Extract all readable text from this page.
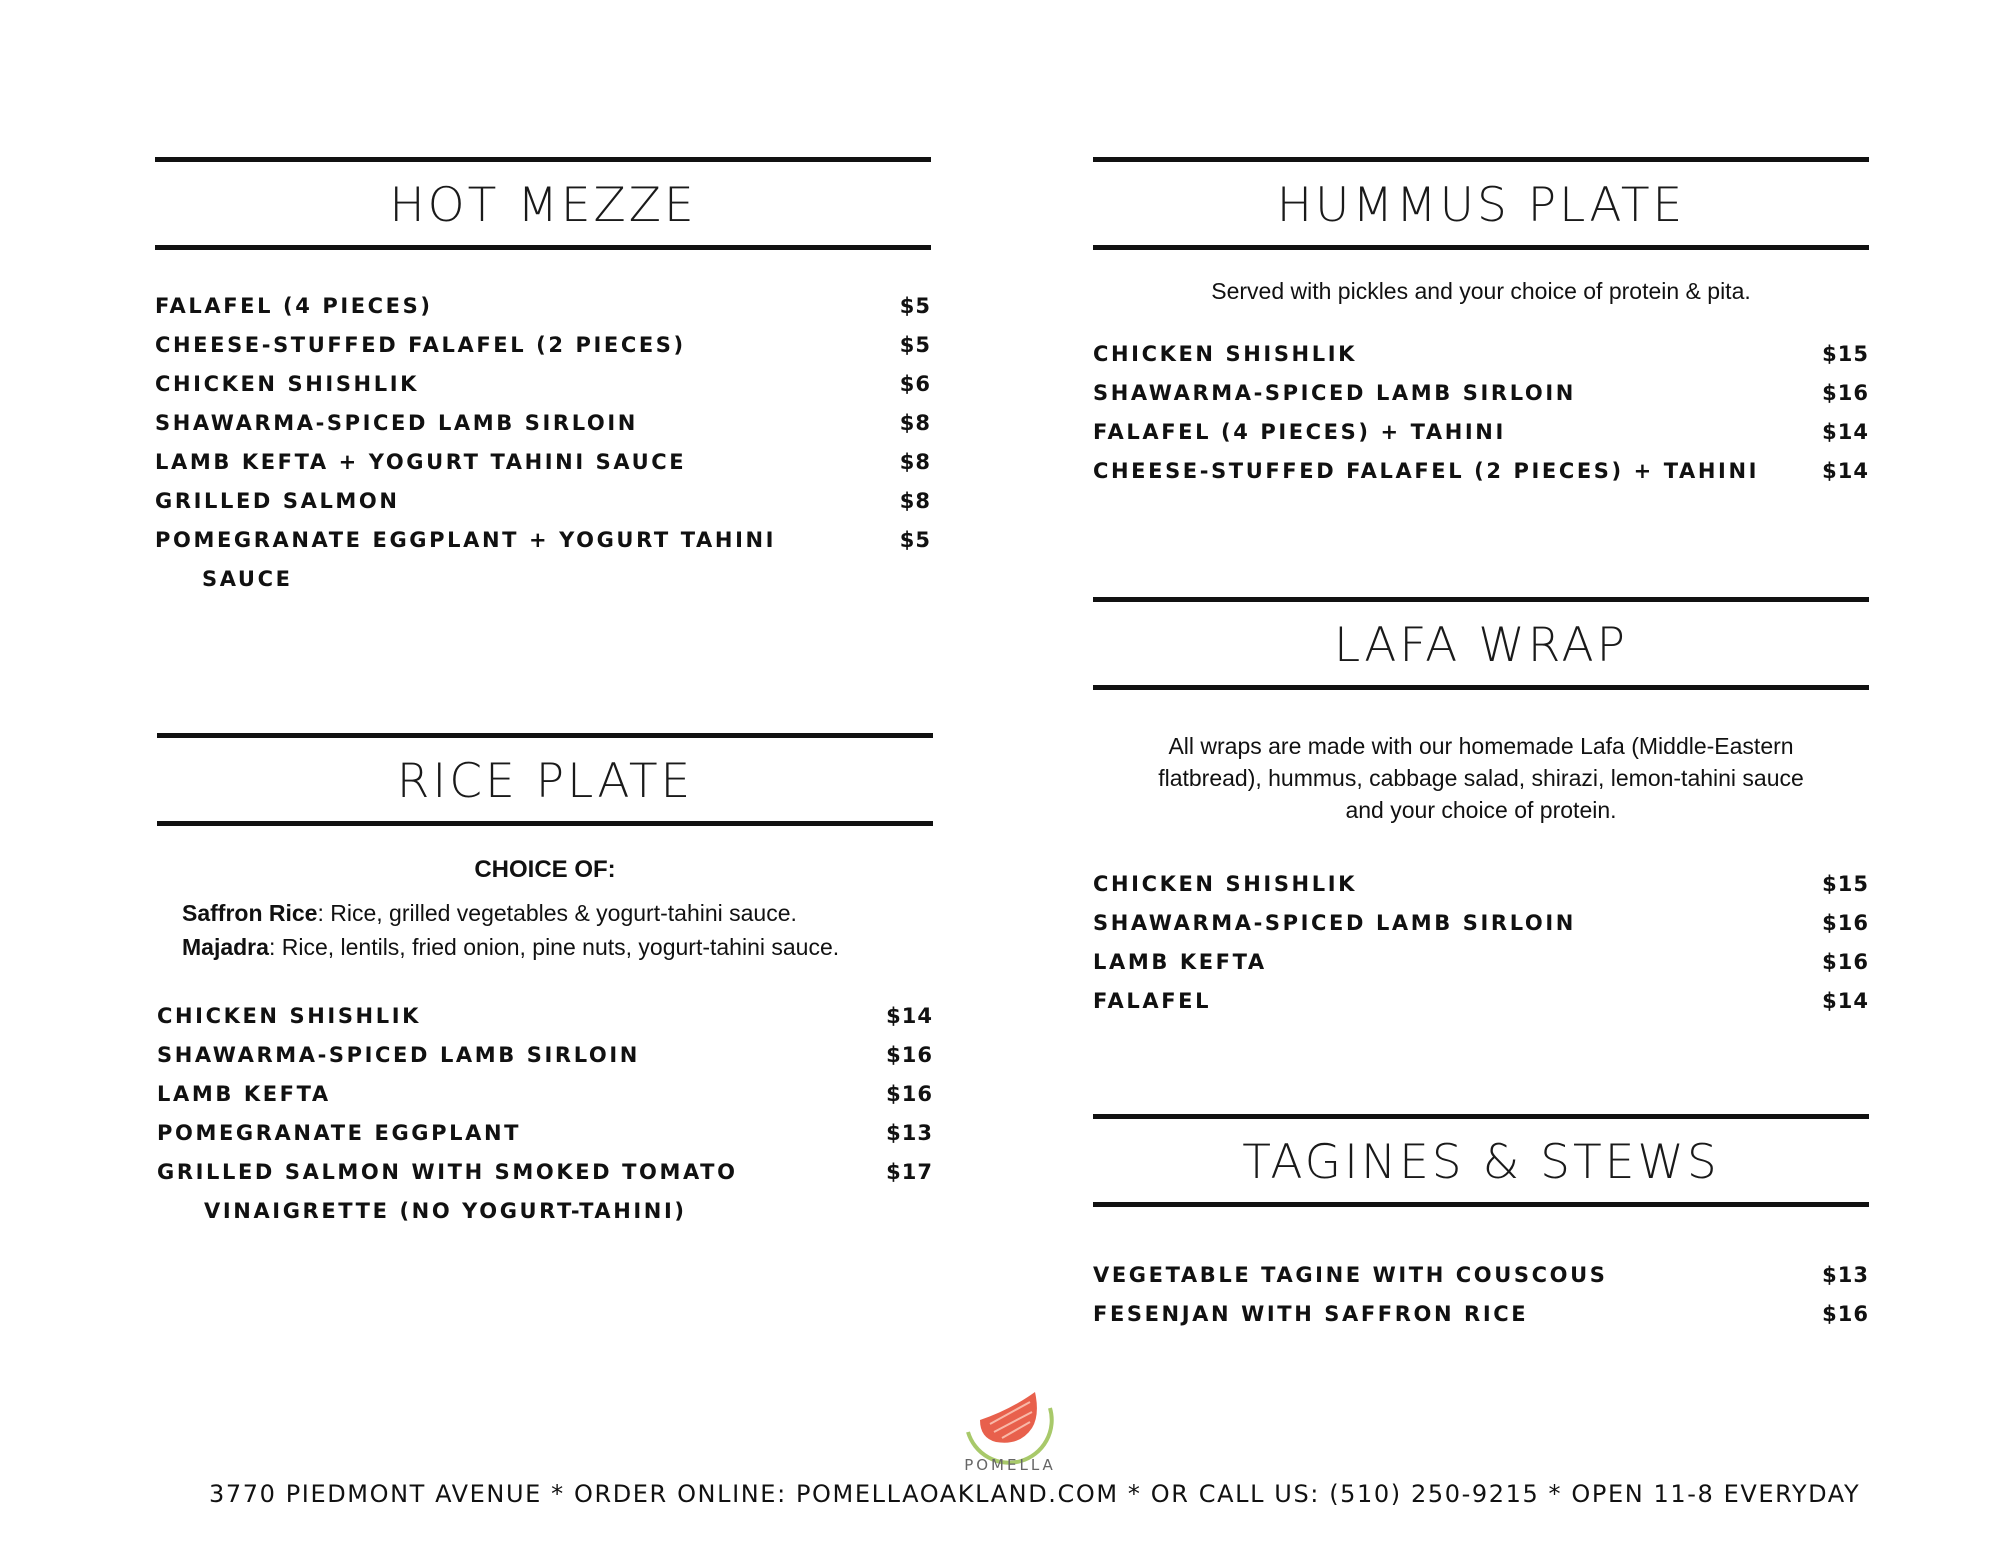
HOT MEZZE
FALAFEL (4 PIECES)	$5
CHEESE-STUFFED FALAFEL (2 PIECES)	$5
CHICKEN SHISHLIK	$6
SHAWARMA-SPICED LAMB SIRLOIN	$8
LAMB KEFTA + YOGURT TAHINI SAUCE	$8
GRILLED SALMON	$8
POMEGRANATE EGGPLANT + YOGURT TAHINI	$5
SAUCE
RICE PLATE
CHOICE OF:
Saffron Rice: Rice, grilled vegetables & yogurt-tahini sauce.
Majadra: Rice, lentils, fried onion, pine nuts, yogurt-tahini sauce.
CHICKEN SHISHLIK	$14
SHAWARMA-SPICED LAMB SIRLOIN	$16
LAMB KEFTA	$16
POMEGRANATE EGGPLANT	$13
GRILLED SALMON WITH SMOKED TOMATO	$17
VINAIGRETTE (NO YOGURT-TAHINI)
HUMMUS PLATE
Served with pickles and your choice of protein & pita.
CHICKEN SHISHLIK	$15
SHAWARMA-SPICED LAMB SIRLOIN	$16
FALAFEL (4 PIECES) + TAHINI	$14
CHEESE-STUFFED FALAFEL (2 PIECES) + TAHINI	$14
LAFA WRAP
All wraps are made with our homemade Lafa (Middle-Eastern
flatbread), hummus, cabbage salad, shirazi, lemon-tahini sauce
and your choice of protein.
CHICKEN SHISHLIK	$15
SHAWARMA-SPICED LAMB SIRLOIN	$16
LAMB KEFTA	$16
FALAFEL	$14
TAGINES & STEWS
VEGETABLE TAGINE WITH COUSCOUS	$13
FESENJAN WITH SAFFRON RICE	$16
POMELLA
3770 PIEDMONT AVENUE * ORDER ONLINE: POMELLAOAKLAND.COM * OR CALL US: (510) 250-9215 * OPEN 11-8 EVERYDAY
